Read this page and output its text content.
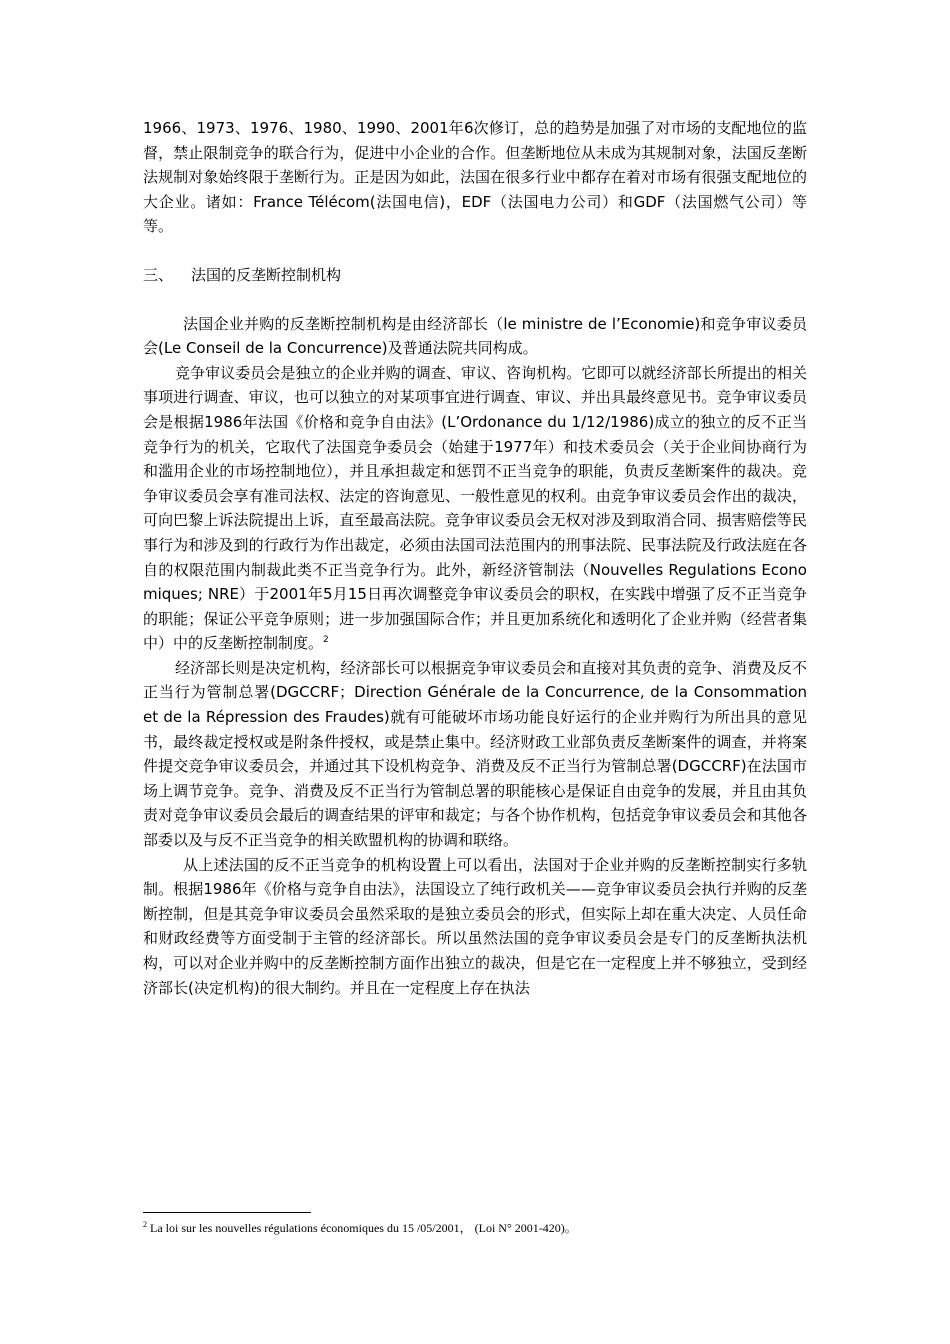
1966、1973、1976、1980、1990、2001年6次修订，总的趋势是加强了对市场的支配地位的监督，禁止限制竞争的联合行为，促进中小企业的合作。但垄断地位从未成为其规制对象，法国反垄断法规制对象始终限于垄断行为。正是因为如此，法国在很多行业中都存在着对市场有很强支配地位的大企业。诸如：France Télécom(法国电信)，EDF（法国电力公司）和GDF（法国燃气公司）等等。

三、 法国的反垄断控制机构

法国企业并购的反垄断控制机构是由经济部长（le ministre de l’Economie)和竞争审议委员会(Le Conseil de la Concurrence)及普通法院共同构成。

竞争审议委员会是独立的企业并购的调查、审议、咨询机构。它即可以就经济部长所提出的相关事项进行调查、审议，也可以独立的对某项事宜进行调查、审议、并出具最终意见书。竞争审议委员会是根据1986年法国《价格和竞争自由法》(L’Ordonance du 1/12/1986)成立的独立的反不正当竞争行为的机关，它取代了法国竞争委员会（始建于1977年）和技术委员会（关于企业间协商行为和滥用企业的市场控制地位），并且承担裁定和惩罚不正当竞争的职能，负责反垄断案件的裁决。竞争审议委员会享有准司法权、法定的咨询意见、一般性意见的权利。由竞争审议委员会作出的裁决，可向巴黎上诉法院提出上诉，直至最高法院。竞争审议委员会无权对涉及到取消合同、损害赔偿等民事行为和涉及到的行政行为作出裁定，必须由法国司法范围内的刑事法院、民事法院及行政法庭在各自的权限范围内制裁此类不正当竞争行为。此外，新经济管制法（Nouvelles Regulations Economiques; NRE）于2001年5月15日再次调整竞争审议委员会的职权，在实践中增强了反不正当竞争的职能；保证公平竞争原则；进一步加强国际合作；并且更加系统化和透明化了企业并购（经营者集中）中的反垄断控制制度。$^2$

经济部长则是决定机构，经济部长可以根据竞争审议委员会和直接对其负责的竞争、消费及反不正当行为管制总署(DGCCRF；Direction Générale de la Concurrence, de la Consommation et de la Répression des Fraudes)就有可能破坏市场功能良好运行的企业并购行为所出具的意见书，最终裁定授权或是附条件授权，或是禁止集中。经济财政工业部负责反垄断案件的调查，并将案件提交竞争审议委员会，并通过其下设机构竞争、消费及反不正当行为管制总署(DGCCRF)在法国市场上调节竞争。竞争、消费及反不正当行为管制总署的职能核心是保证自由竞争的发展，并且由其负责对竞争审议委员会最后的调查结果的评审和裁定；与各个协作机构，包括竞争审议委员会和其他各部委以及与反不正当竞争的相关欧盟机构的协调和联络。

从上述法国的反不正当竞争的机构设置上可以看出，法国对于企业并购的反垄断控制实行多轨制。根据1986年《价格与竞争自由法》，法国设立了纯行政机关——竞争审议委员会执行并购的反垄断控制，但是其竞争审议委员会虽然采取的是独立委员会的形式，但实际上却在重大决定、人员任命和财政经费等方面受制于主管的经济部长。所以虽然法国的竞争审议委员会是专门的反垄断执法机构，可以对企业并购中的反垄断控制方面作出独立的裁决，但是它在一定程度上并不够独立，受到经济部长(决定机构)的很大制约。并且在一定程度上存在执法

$^2$ La loi sur les nouvelles régulations économiques du 15 /05/2001， (Loi N° 2001-420)。
